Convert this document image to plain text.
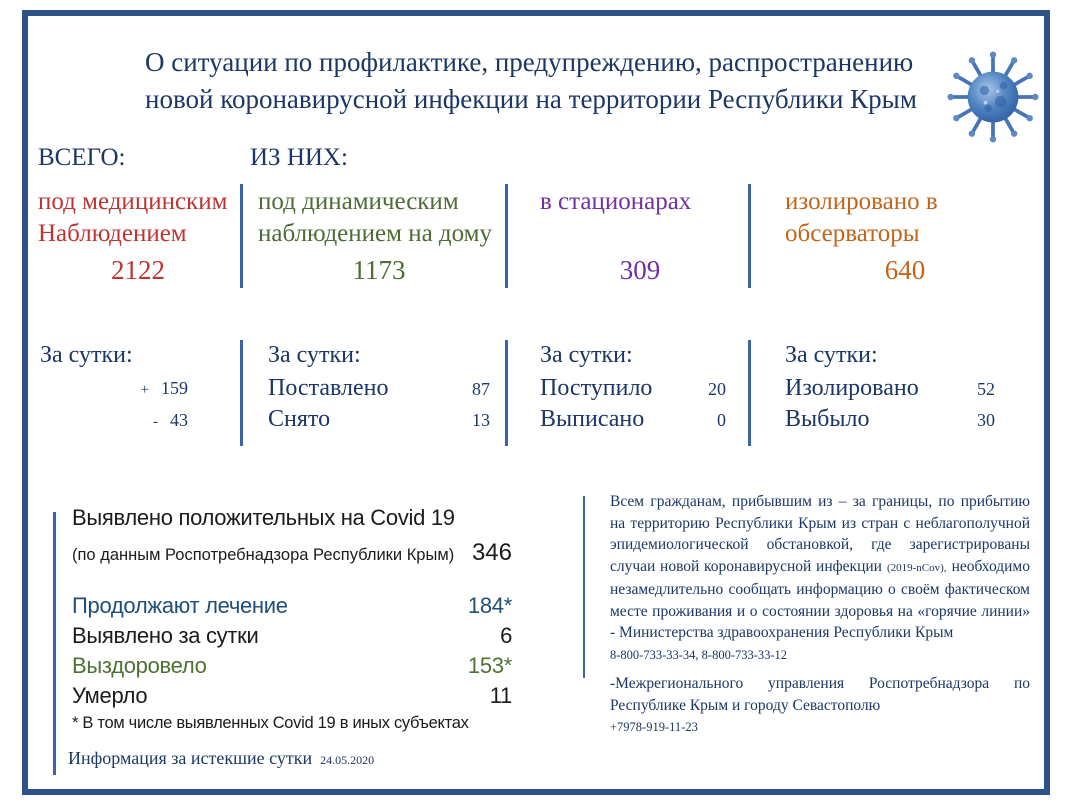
О ситуации по профилактике, предупреждению, распространению
новой коронавирусной инфекции на территории Республики Крым
ВСЕГО:	ИЗ НИХ:
под медицинским Наблюдением
2122
под динамическим наблюдением на дому
1173
в стационарах
309
изолировано в обсерваторы
640
За сутки:
+ 159
- 43
За сутки:
Поставлено	87
Снято	13
За сутки:
Поступило	20
Выписано	0
За сутки:
Изолировано	52
Выбыло	30
Выявлено положительных на Covid 19
(по данным Роспотребнадзора Республики Крым) 346
Продолжают лечение	184*
Выявлено за сутки	6
Выздоровело	153*
Умерло	11
* В том числе выявленных Covid 19 в иных субъектах
Информация за истекшие сутки 24.05.2020

Всем гражданам, прибывшим из – за границы, по прибытию на территорию Республики Крым из стран с неблагополучной эпидемиологической обстановкой, где зарегистрированы случаи новой коронавирусной инфекции (2019-nCov), необходимо незамедлительно сообщать информацию о своём фактическом месте проживания и о состоянии здоровья на «горячие линии» - Министерства здравоохранения Республики Крым

8-800-733-33-34, 8-800-733-33-12

-Межрегионального управления Роспотребнадзора по Республике Крым и городу Севастополю

+7978-919-11-23
